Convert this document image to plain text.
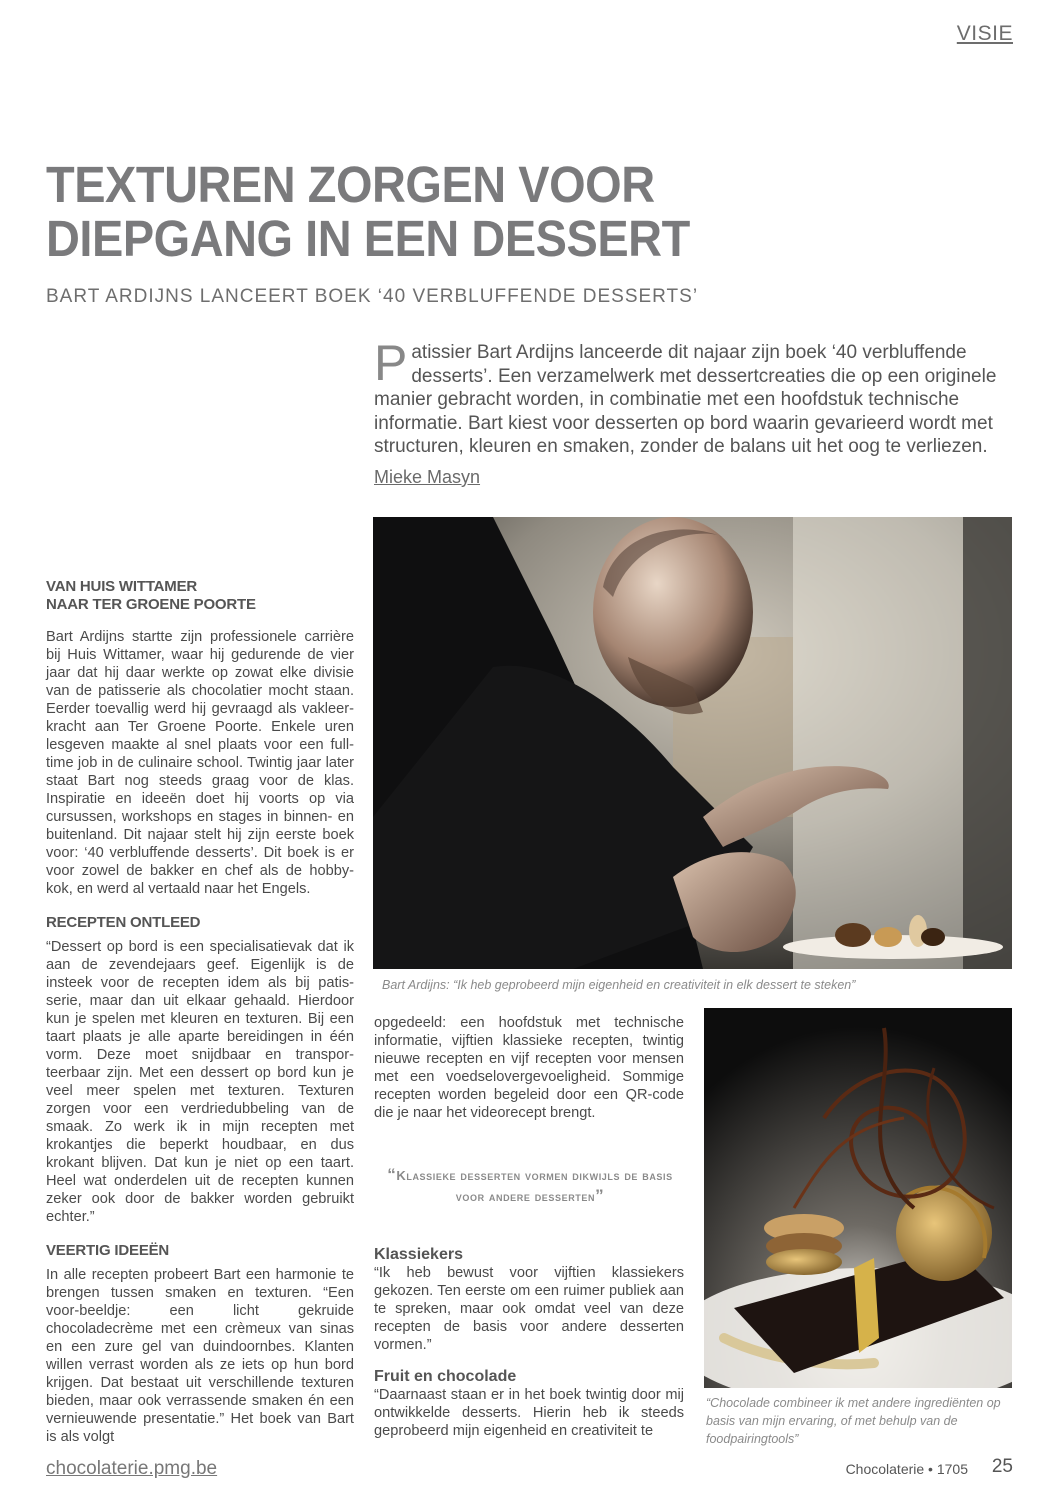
VISIE
TEXTUREN ZORGEN VOOR
DIEPGANG IN EEN DESSERT
BART ARDIJNS LANCEERT BOEK ‘40 VERBLUFFENDE DESSERTS’
Patissier Bart Ardijns lanceerde dit najaar zijn boek ‘40 verbluffende desserts’. Een verzamelwerk met dessertcreaties die op een originele manier gebracht worden, in combinatie met een hoofdstuk technische informatie. Bart kiest voor desserten op bord waarin gevarieerd wordt met structuren, kleuren en smaken, zonder de balans uit het oog te verliezen.
Mieke Masyn
VAN HUIS WITTAMER
NAAR TER GROENE POORTE
Bart Ardijns startte zijn professionele carrière bij Huis Wittamer, waar hij gedurende de vier jaar dat hij daar werkte op zowat elke divisie van de patisserie als chocolatier mocht staan. Eerder toevallig werd hij gevraagd als vakleer-kracht aan Ter Groene Poorte. Enkele uren lesgeven maakte al snel plaats voor een full-time job in de culinaire school. Twintig jaar later staat Bart nog steeds graag voor de klas. Inspiratie en ideeën doet hij voorts op via cursussen, workshops en stages in binnen- en buitenland. Dit najaar stelt hij zijn eerste boek voor: ‘40 verbluffende desserts’. Dit boek is er voor zowel de bakker en chef als de hobby-kok, en werd al vertaald naar het Engels.
RECEPTEN ONTLEED
“Dessert op bord is een specialisatievak dat ik aan de zevendejaars geef. Eigenlijk is de insteek voor de recepten idem als bij patis-serie, maar dan uit elkaar gehaald. Hierdoor kun je spelen met kleuren en texturen. Bij een taart plaats je alle aparte bereidingen in één vorm. Deze moet snijdbaar en transpor-teerbaar zijn. Met een dessert op bord kun je veel meer spelen met texturen. Texturen zorgen voor een verdriedubbeling van de smaak. Zo werk ik in mijn recepten met krokantjes die beperkt houdbaar, en dus krokant blijven. Dat kun je niet op een taart. Heel wat onderdelen uit de recepten kunnen zeker ook door de bakker worden gebruikt echter.”
VEERTIG IDEEËN
In alle recepten probeert Bart een harmonie te brengen tussen smaken en texturen. “Een voor-beeldje: een licht gekruide chocoladecrème met een crèmeux van sinas en een zure gel van duindoornbes. Klanten willen verrast worden als ze iets op hun bord krijgen. Dat bestaat uit verschillende texturen bieden, maar ook verrassende smaken én een vernieuwende presentatie.” Het boek van Bart is als volgt
Bart Ardijns: “Ik heb geprobeerd mijn eigenheid en creativiteit in elk dessert te steken”
opgedeeld: een hoofdstuk met technische informatie, vijftien klassieke recepten, twintig nieuwe recepten en vijf recepten voor mensen met een voedselovergevoeligheid. Sommige recepten worden begeleid door een QR-code die je naar het videorecept brengt.
“Klassieke desserten vormen dikwijls de basis voor andere desserten”
Klassiekers
“Ik heb bewust voor vijftien klassiekers gekozen. Ten eerste om een ruimer publiek aan te spreken, maar ook omdat veel van deze recepten de basis voor andere desserten vormen.”
Fruit en chocolade
“Daarnaast staan er in het boek twintig door mij ontwikkelde desserts. Hierin heb ik steeds geprobeerd mijn eigenheid en creativiteit te
“Chocolade combineer ik met andere ingrediënten op basis van mijn ervaring, of met behulp van de foodpairingtools”
chocolaterie.pmg.be	Chocolaterie • 1705 25
